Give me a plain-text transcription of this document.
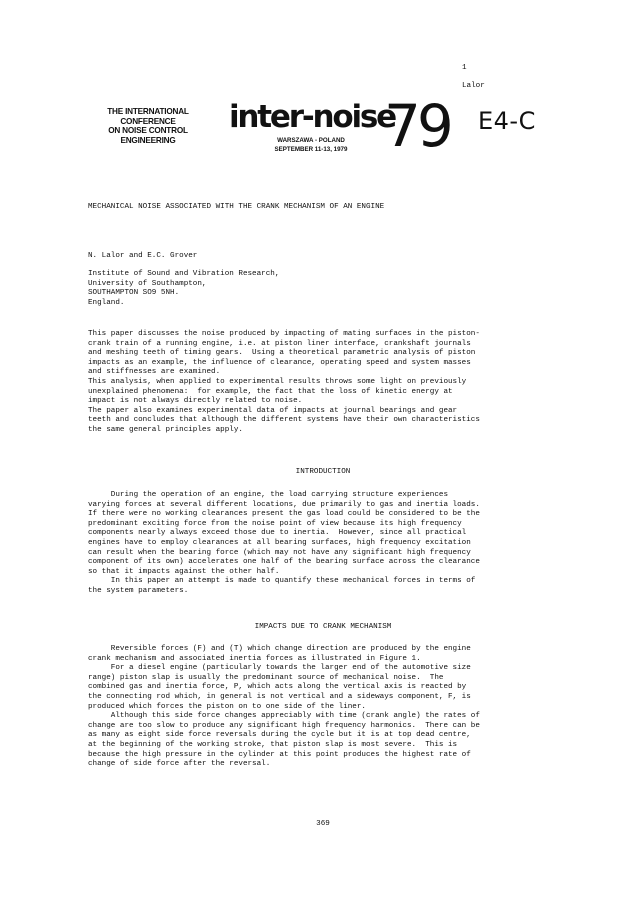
1
Lalor
THE INTERNATIONAL
CONFERENCE
ON NOISE CONTROL
ENGINEERING
inter-noise
79
WARSZAWA - POLAND
SEPTEMBER 11-13, 1979
E4-C
MECHANICAL NOISE ASSOCIATED WITH THE CRANK MECHANISM OF AN ENGINE
N. Lalor and E.C. Grover

Institute of Sound and Vibration Research,
University of Southampton,
SOUTHAMPTON SO9 5NH.
England.

This paper discusses the noise produced by impacting of mating surfaces in the piston-
crank train of a running engine, i.e. at piston liner interface, crankshaft journals
and meshing teeth of timing gears.  Using a theoretical parametric analysis of piston
impacts as an example, the influence of clearance, operating speed and system masses
and stiffnesses are examined.
This analysis, when applied to experimental results throws some light on previously
unexplained phenomena:  for example, the fact that the loss of kinetic energy at
impact is not always directly related to noise.
The paper also examines experimental data of impacts at journal bearings and gear
teeth and concludes that although the different systems have their own characteristics
the same general principles apply.

INTRODUCTION

During the operation of an engine, the load carrying structure experiences
varying forces at several different locations, due primarily to gas and inertia loads.
If there were no working clearances present the gas load could be considered to be the
predominant exciting force from the noise point of view because its high frequency
components nearly always exceed those due to inertia.  However, since all practical
engines have to employ clearances at all bearing surfaces, high frequency excitation
can result when the bearing force (which may not have any significant high frequency
component of its own) accelerates one half of the bearing surface across the clearance
so that it impacts against the other half.
In this paper an attempt is made to quantify these mechanical forces in terms of
the system parameters.

IMPACTS DUE TO CRANK MECHANISM

Reversible forces (F) and (T) which change direction are produced by the engine
crank mechanism and associated inertia forces as illustrated in Figure 1.
For a diesel engine (particularly towards the larger end of the automotive size
range) piston slap is usually the predominant source of mechanical noise.  The
combined gas and inertia force, P, which acts along the vertical axis is reacted by
the connecting rod which, in general is not vertical and a sideways component, F, is
produced which forces the piston on to one side of the liner.
Although this side force changes appreciably with time (crank angle) the rates of
change are too slow to produce any significant high frequency harmonics.  There can be
as many as eight side force reversals during the cycle but it is at top dead centre,
at the beginning of the working stroke, that piston slap is most severe.  This is
because the high pressure in the cylinder at this point produces the highest rate of
change of side force after the reversal.

369
